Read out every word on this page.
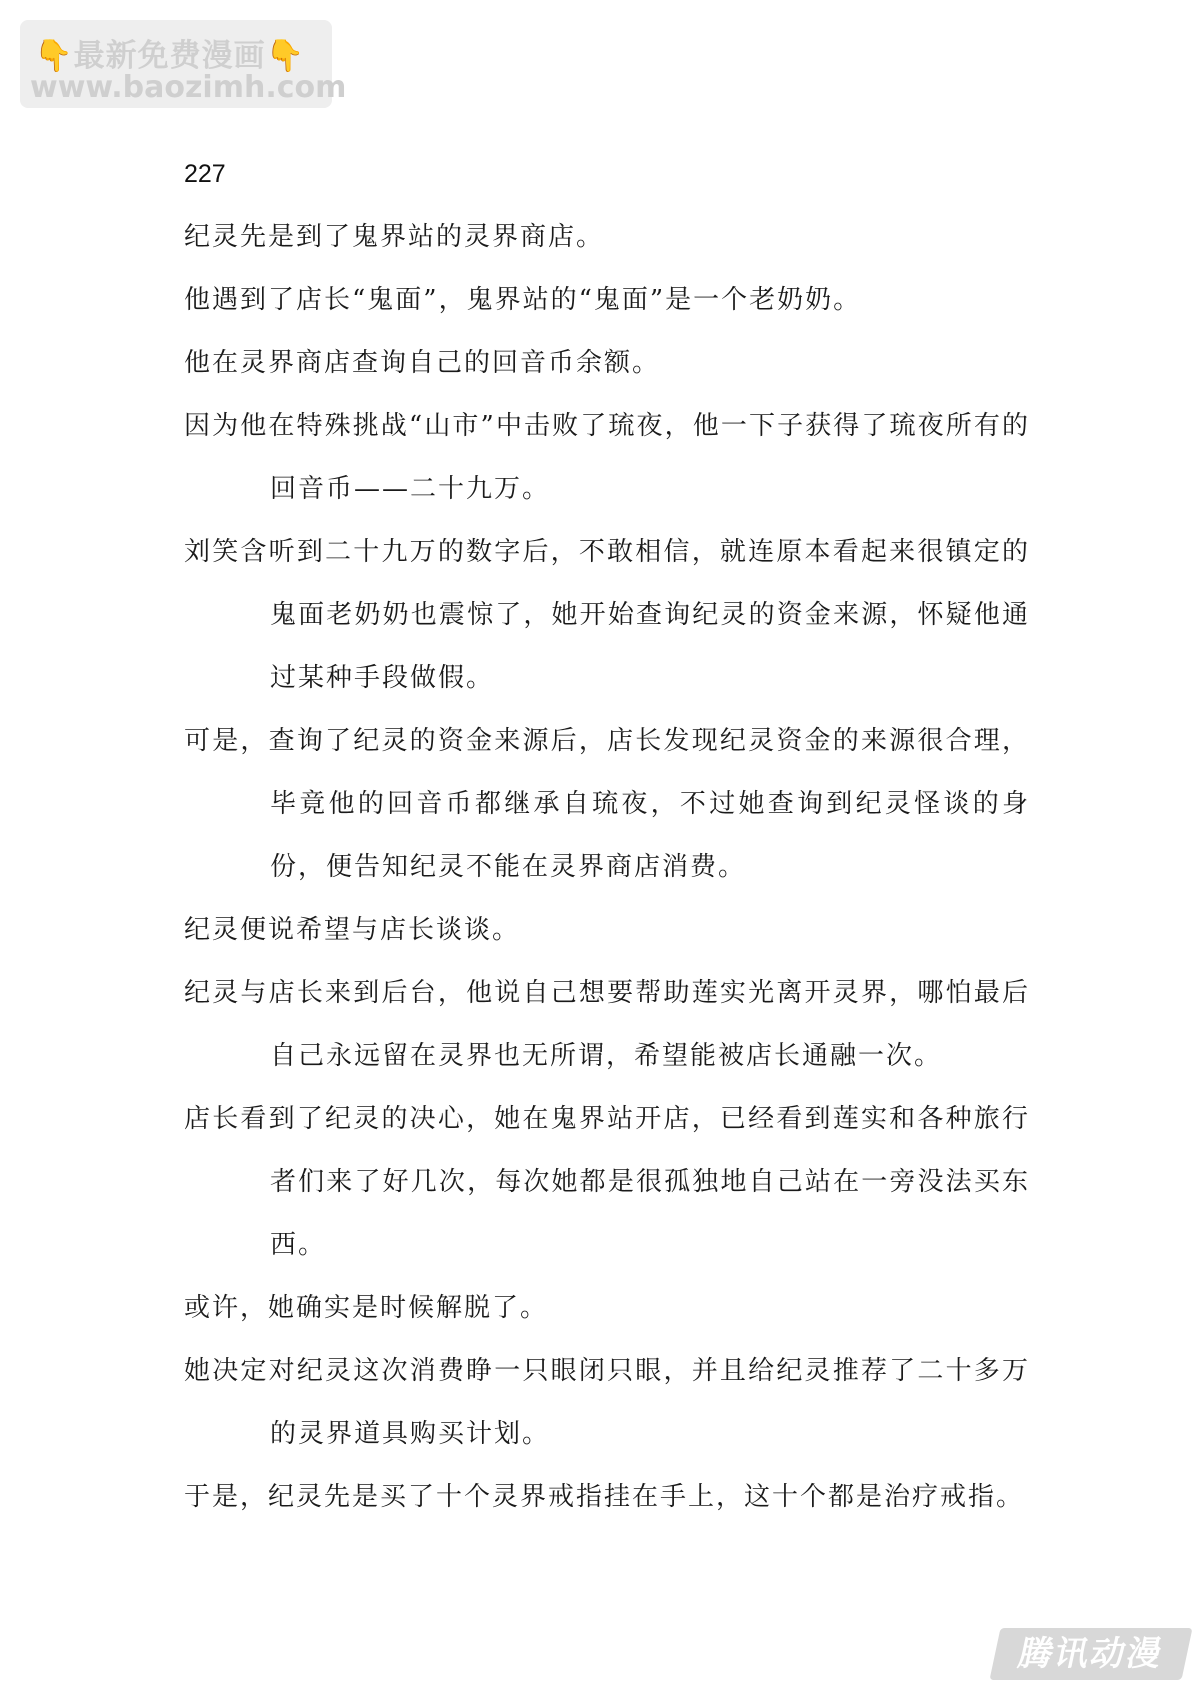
👇最新免费漫画👇
www.baozimh.com
227

纪灵先是到了鬼界站的灵界商店。

他遇到了店长“鬼面”，鬼界站的“鬼面”是一个老奶奶。

他在灵界商店查询自己的回音币余额。

因为他在特殊挑战“山市”中击败了琉夜，他一下子获得了琉夜所有的回音币——二十九万。

刘笑含听到二十九万的数字后，不敢相信，就连原本看起来很镇定的鬼面老奶奶也震惊了，她开始查询纪灵的资金来源，怀疑他通过某种手段做假。

可是，查询了纪灵的资金来源后，店长发现纪灵资金的来源很合理，毕竟他的回音币都继承自琉夜，不过她查询到纪灵怪谈的身份，便告知纪灵不能在灵界商店消费。

纪灵便说希望与店长谈谈。

纪灵与店长来到后台，他说自己想要帮助莲实光离开灵界，哪怕最后自己永远留在灵界也无所谓，希望能被店长通融一次。

店长看到了纪灵的决心，她在鬼界站开店，已经看到莲实和各种旅行者们来了好几次，每次她都是很孤独地自己站在一旁没法买东西。

或许，她确实是时候解脱了。

她决定对纪灵这次消费睁一只眼闭只眼，并且给纪灵推荐了二十多万的灵界道具购买计划。

于是，纪灵先是买了十个灵界戒指挂在手上，这十个都是治疗戒指。

腾讯动漫
